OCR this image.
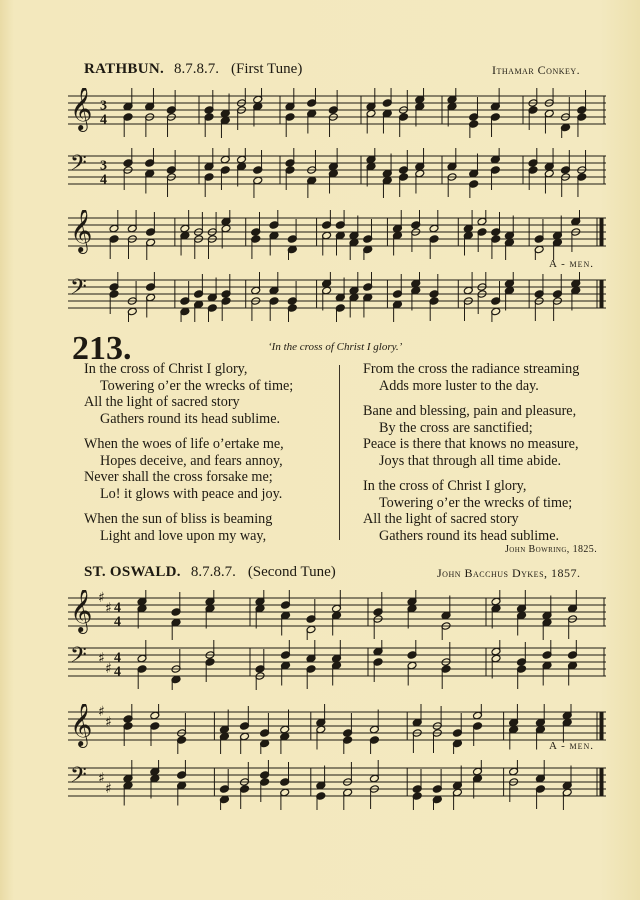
RATHBUN. 8.7.8.7. (First Tune)	Ithamar Conkey.
𝄞 3
4
𝄢 3
4
𝄞
𝄢
A - men.
213.	‘In the cross of Christ I glory.’
In the cross of Christ I glory,
Towering o’er the wrecks of time;
All the light of sacred story
Gathers round its head sublime.
When the woes of life o’ertake me,
Hopes deceive, and fears annoy,
Never shall the cross forsake me;
Lo! it glows with peace and joy.
When the sun of bliss is beaming
Light and love upon my way,
From the cross the radiance streaming
Adds more luster to the day.
Bane and blessing, pain and pleasure,
By the cross are sanctified;
Peace is there that knows no measure,
Joys that through all time abide.
In the cross of Christ I glory,
Towering o’er the wrecks of time;
All the light of sacred story
Gathers round its head sublime.
John Bowring, 1825.
ST. OSWALD. 8.7.8.7. (Second Tune)	John Bacchus Dykes, 1857.
𝄞 ♯
♯ 4
4
𝄢 ♯
♯
4
4
𝄞 ♯
♯
𝄢 ♯
♯
A - men.
